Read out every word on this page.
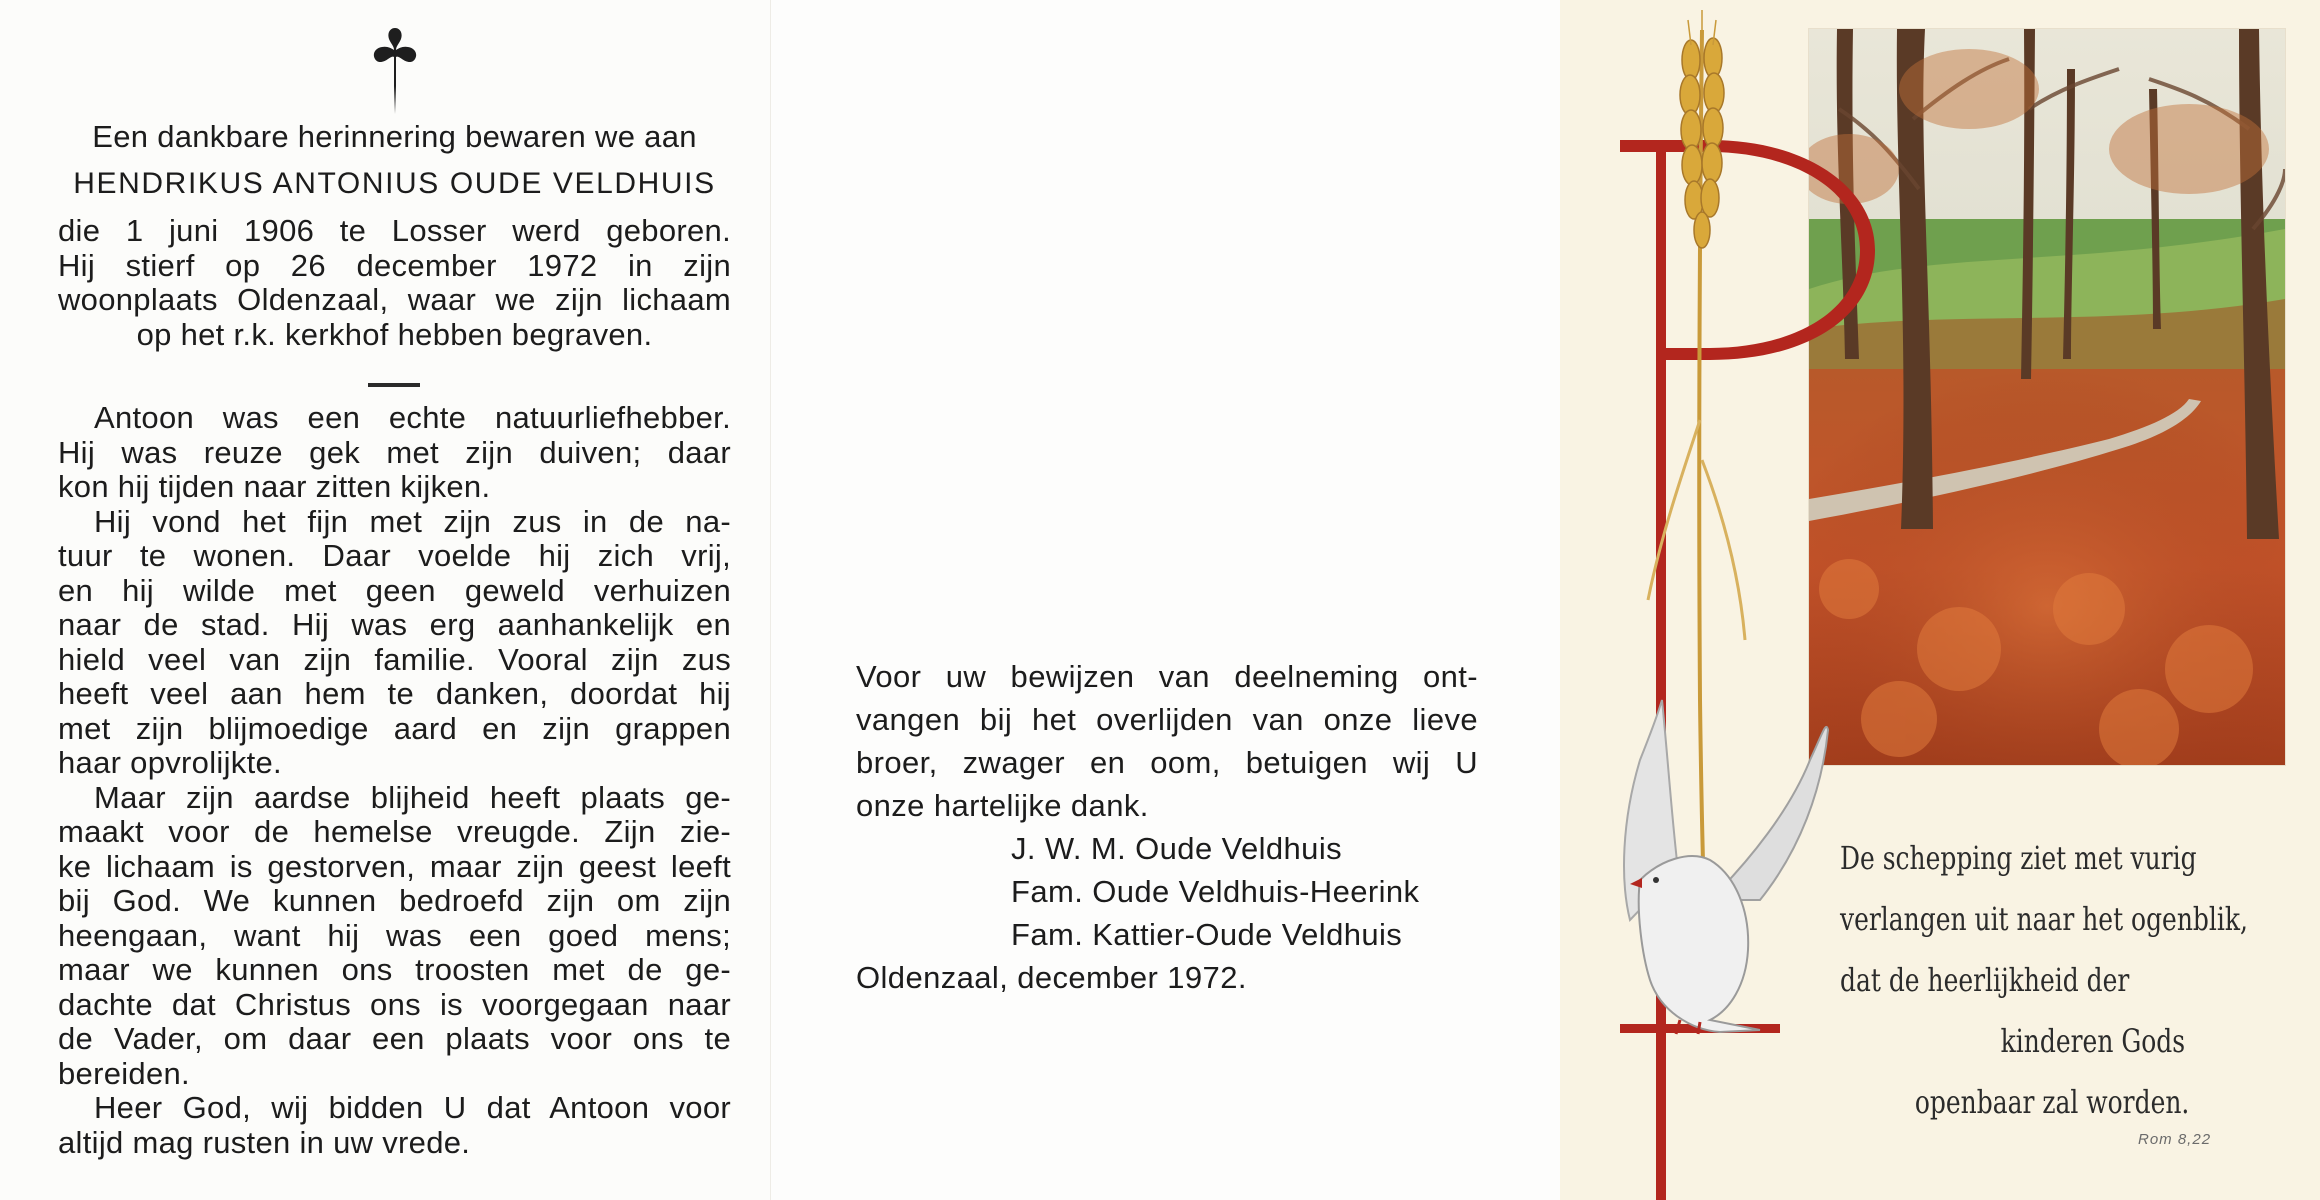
Een dankbare herinnering bewaren we aan
HENDRIKUS ANTONIUS OUDE VELDHUIS
die 1 juni 1906 te Losser werd geboren.
Hij stierf op 26 december 1972 in zijn
woonplaats Oldenzaal, waar we zijn lichaam
op het r.k. kerkhof hebben begraven.
Antoon was een echte natuurliefhebber.
Hij was reuze gek met zijn duiven; daar
kon hij tijden naar zitten kijken.
Hij vond het fijn met zijn zus in de na-
tuur te wonen. Daar voelde hij zich vrij,
en hij wilde met geen geweld verhuizen
naar de stad. Hij was erg aanhankelijk en
hield veel van zijn familie. Vooral zijn zus
heeft veel aan hem te danken, doordat hij
met zijn blijmoedige aard en zijn grappen
haar opvrolijkte.
Maar zijn aardse blijheid heeft plaats ge-
maakt voor de hemelse vreugde. Zijn zie-
ke lichaam is gestorven, maar zijn geest leeft
bij God. We kunnen bedroefd zijn om zijn
heengaan, want hij was een goed mens;
maar we kunnen ons troosten met de ge-
dachte dat Christus ons is voorgegaan naar
de Vader, om daar een plaats voor ons te
bereiden.
Heer God, wij bidden U dat Antoon voor
altijd mag rusten in uw vrede.
Voor uw bewijzen van deelneming ont-
vangen bij het overlijden van onze lieve
broer, zwager en oom, betuigen wij U
onze hartelijke dank.
J. W. M. Oude Veldhuis
Fam. Oude Veldhuis-Heerink
Fam. Kattier-Oude Veldhuis
Oldenzaal, december 1972.
De schepping ziet met vurig
verlangen uit naar het ogenblik,
dat de heerlijkheid der
kinderen Gods
openbaar zal worden.
Rom 8,22
